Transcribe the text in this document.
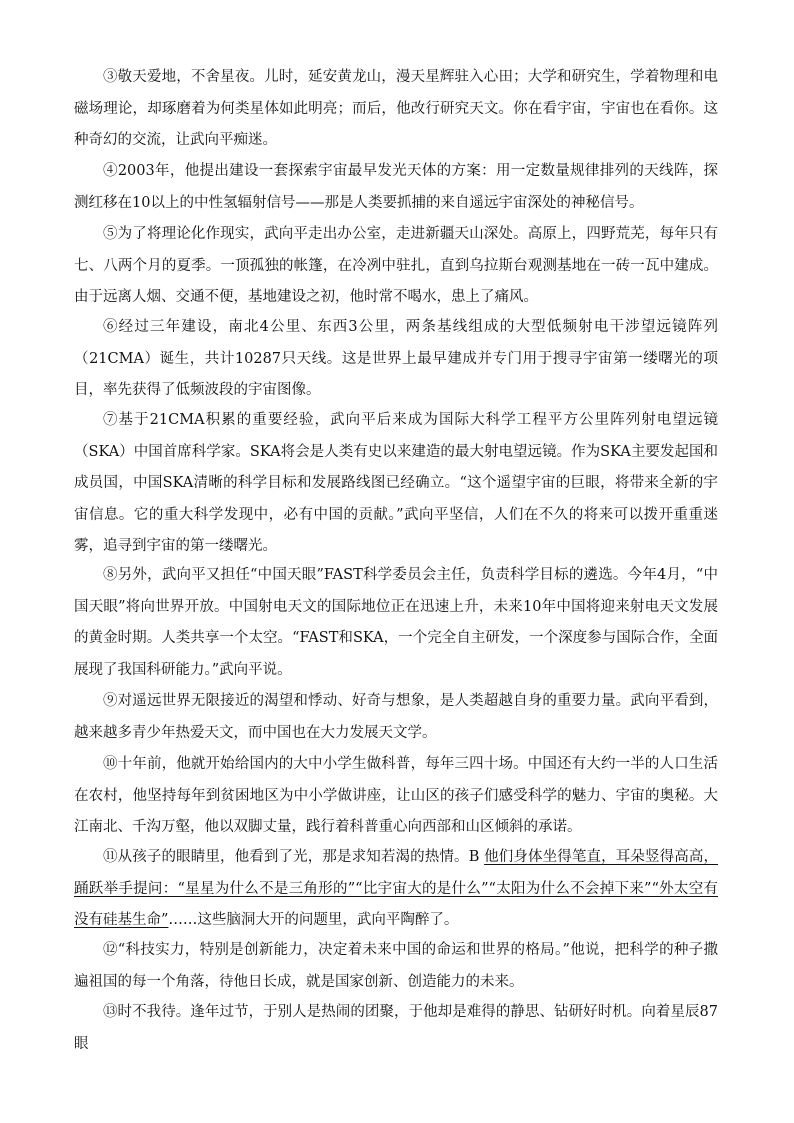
③敬天爱地，不舍星夜。儿时，延安黄龙山，漫天星辉驻入心田；大学和研究生，学着物理和电磁场理论，却琢磨着为何类星体如此明亮；而后，他改行研究天文。你在看宇宙，宇宙也在看你。这种奇幻的交流，让武向平痴迷。

④2003年，他提出建设一套探索宇宙最早发光天体的方案：用一定数量规律排列的天线阵，探测红移在10以上的中性氢辐射信号——那是人类要抓捕的来自遥远宇宙深处的神秘信号。

⑤为了将理论化作现实，武向平走出办公室，走进新疆天山深处。高原上，四野荒芜，每年只有七、八两个月的夏季。一顶孤独的帐篷，在冷冽中驻扎，直到乌拉斯台观测基地在一砖一瓦中建成。由于远离人烟、交通不便，基地建设之初，他时常不喝水，患上了痛风。

⑥经过三年建设，南北4公里、东西3公里，两条基线组成的大型低频射电干涉望远镜阵列（21CMA）诞生，共计10287只天线。这是世界上最早建成并专门用于搜寻宇宙第一缕曙光的项目，率先获得了低频波段的宇宙图像。

⑦基于21CMA积累的重要经验，武向平后来成为国际大科学工程平方公里阵列射电望远镜（SKA）中国首席科学家。SKA将会是人类有史以来建造的最大射电望远镜。作为SKA主要发起国和成员国，中国SKA清晰的科学目标和发展路线图已经确立。“这个遥望宇宙的巨眼，将带来全新的宇宙信息。它的重大科学发现中，必有中国的贡献。”武向平坚信，人们在不久的将来可以拨开重重迷雾，追寻到宇宙的第一缕曙光。

⑧另外，武向平又担任“中国天眼”FAST科学委员会主任，负责科学目标的遴选。今年4月，“中国天眼”将向世界开放。中国射电天文的国际地位正在迅速上升，未来10年中国将迎来射电天文发展的黄金时期。人类共享一个太空。“FAST和SKA，一个完全自主研发，一个深度参与国际合作，全面展现了我国科研能力。”武向平说。

⑨对遥远世界无限接近的渴望和悸动、好奇与想象，是人类超越自身的重要力量。武向平看到，越来越多青少年热爱天文，而中国也在大力发展天文学。

⑩十年前，他就开始给国内的大中小学生做科普，每年三四十场。中国还有大约一半的人口生活在农村，他坚持每年到贫困地区为中小学做讲座，让山区的孩子们感受科学的魅力、宇宙的奥秘。大江南北、千沟万壑，他以双脚丈量，践行着科普重心向西部和山区倾斜的承诺。

⑪从孩子的眼睛里，他看到了光，那是求知若渴的热情。B 他们身体坐得笔直，耳朵竖得高高，踊跃举手提问：“星星为什么不是三角形的”“比宇宙大的是什么”“太阳为什么不会掉下来”“外太空有没有硅基生命”……这些脑洞大开的问题里，武向平陶醉了。

⑫“科技实力，特别是创新能力，决定着未来中国的命运和世界的格局。”他说，把科学的种子撒遍祖国的每一个角落，待他日长成，就是国家创新、创造能力的未来。

⑬时不我待。逢年过节，于别人是热闹的团聚，于他却是难得的静思、钻研好时机。向着星辰87眼
